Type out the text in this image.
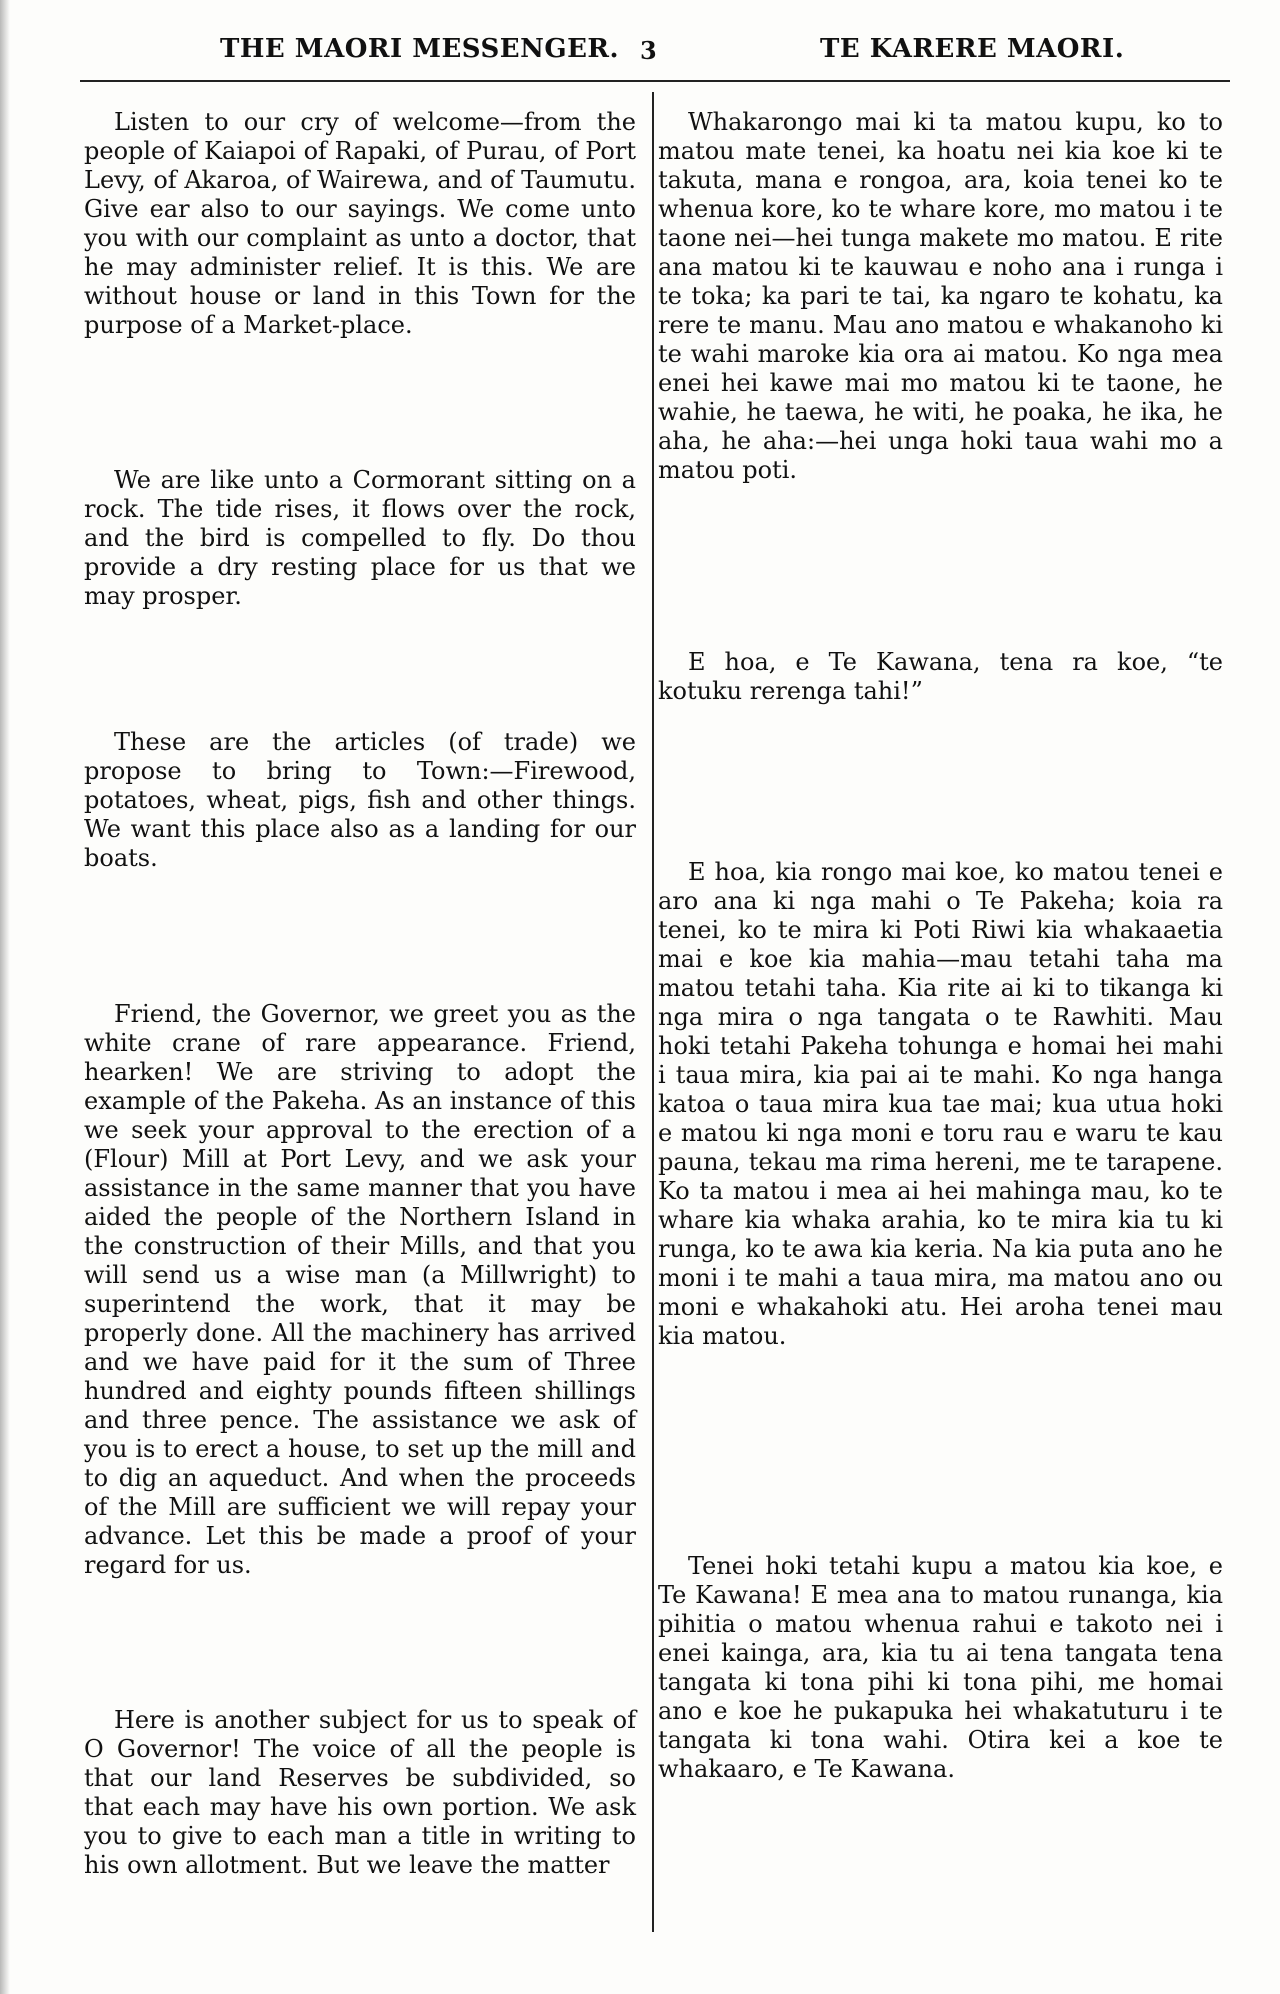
THE MAORI MESSENGER. 3	TE KARERE MAORI.

Listen to our cry of welcome—from the people of Kaiapoi of Rapaki, of Purau, of Port Levy, of Akaroa, of Wairewa, and of Taumutu. Give ear also to our sayings. We come unto you with our complaint as unto a doctor, that he may administer relief. It is this. We are without house or land in this Town for the purpose of a Market-place.

We are like unto a Cormorant sitting on a rock. The tide rises, it flows over the rock, and the bird is compelled to fly. Do thou provide a dry resting place for us that we may prosper.

These are the articles (of trade) we propose to bring to Town:—Firewood, potatoes, wheat, pigs, fish and other things. We want this place also as a landing for our boats.

Friend, the Governor, we greet you as the white crane of rare appearance. Friend, hearken! We are striving to adopt the example of the Pakeha. As an instance of this we seek your approval to the erection of a (Flour) Mill at Port Levy, and we ask your assistance in the same manner that you have aided the people of the Northern Island in the construction of their Mills, and that you will send us a wise man (a Millwright) to superintend the work, that it may be properly done. All the machinery has arrived and we have paid for it the sum of Three hundred and eighty pounds fifteen shillings and three pence. The assistance we ask of you is to erect a house, to set up the mill and to dig an aqueduct. And when the proceeds of the Mill are sufficient we will repay your advance. Let this be made a proof of your regard for us.

Here is another subject for us to speak of O Governor! The voice of all the people is that our land Reserves be subdivided, so that each may have his own portion. We ask you to give to each man a title in writing to his own allotment. But we leave the matter

Whakarongo mai ki ta matou kupu, ko to matou mate tenei, ka hoatu nei kia koe ki te takuta, mana e rongoa, ara, koia tenei ko te whenua kore, ko te whare kore, mo matou i te taone nei—hei tunga makete mo matou. E rite ana matou ki te kauwau e noho ana i runga i te toka; ka pari te tai, ka ngaro te kohatu, ka rere te manu. Mau ano matou e whakanoho ki te wahi maroke kia ora ai matou. Ko nga mea enei hei kawe mai mo matou ki te taone, he wahie, he taewa, he witi, he poaka, he ika, he aha, he aha:—hei unga hoki taua wahi mo a matou poti.

E hoa, e Te Kawana, tena ra koe, “te kotuku rerenga tahi!”

E hoa, kia rongo mai koe, ko matou tenei e aro ana ki nga mahi o Te Pakeha; koia ra tenei, ko te mira ki Poti Riwi kia whakaaetia mai e koe kia mahia—mau tetahi taha ma matou tetahi taha. Kia rite ai ki to tikanga ki nga mira o nga tangata o te Rawhiti. Mau hoki tetahi Pakeha tohunga e homai hei mahi i taua mira, kia pai ai te mahi. Ko nga hanga katoa o taua mira kua tae mai; kua utua hoki e matou ki nga moni e toru rau e waru te kau pauna, tekau ma rima hereni, me te tarapene. Ko ta matou i mea ai hei mahinga mau, ko te whare kia whaka arahia, ko te mira kia tu ki runga, ko te awa kia keria. Na kia puta ano he moni i te mahi a taua mira, ma matou ano ou moni e whakahoki atu. Hei aroha tenei mau kia matou.

Tenei hoki tetahi kupu a matou kia koe, e Te Kawana! E mea ana to matou runanga, kia pihitia o matou whenua rahui e takoto nei i enei kainga, ara, kia tu ai tena tangata tena tangata ki tona pihi ki tona pihi, me homai ano e koe he pukapuka hei whakatuturu i te tangata ki tona wahi. Otira kei a koe te whakaaro, e Te Kawana.
